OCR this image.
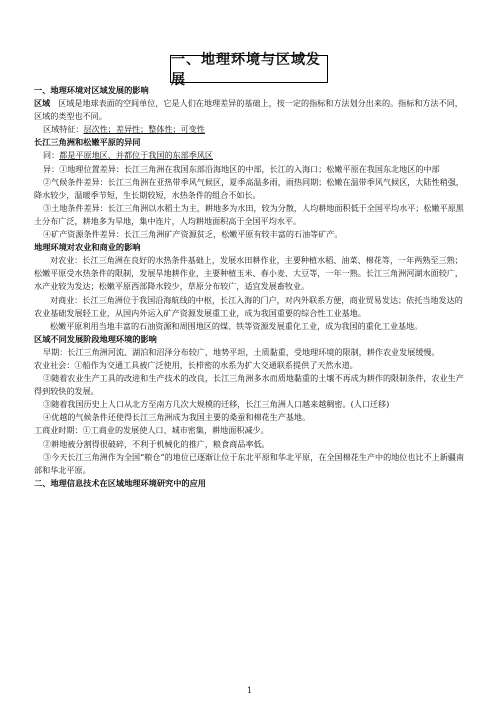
一、地理环境与区域发展

一、地理环境对区域发展的影响

区域 区域是地球表面的空间单位，它是人们在地理差异的基础上，按一定的指标和方法划分出来的。指标和方法不同，区域的类型也不同。

区域特征：层次性；差异性；整体性；可变性

长江三角洲和松嫩平原的异同

同：都是平原地区，并都位于我国的东部季风区

异：①地理位置差异：长江三角洲在我国东部沿海地区的中部，长江的入海口；松嫩平原在我国东北地区的中部

②气候条件差异：长江三角洲在亚热带季风气候区，夏季高温多雨，雨热同期；松嫩在温带季风气候区，大陆性稍强，降水较少，温暖季节短，生长期较短，水热条件的组合不如长。

③土地条件差异：长江三角洲以水稻土为主，耕地多为水田，较为分散，人均耕地面积低于全国平均水平；松嫩平原黑土分布广泛，耕地多为旱地，集中连片，人均耕地面积高于全国平均水平。

④矿产资源条件差异：长江三角洲矿产资源贫乏，松嫩平原有较丰富的石油等矿产。

地理环境对农业和商业的影响

对农业：长江三角洲在良好的水热条件基础上，发展水田耕作业，主要种植水稻、油菜、棉花等，一年两熟至三熟；松嫩平原受水热条件的限制，发展旱地耕作业，主要种植玉米、春小麦、大豆等，一年一熟。长江三角洲河湖水面较广，水产业较为发达；松嫩平原西部降水较少，草原分布较广，适宜发展畜牧业。

对商业：长江三角洲位于我国沿海航线的中枢，长江入海的门户，对内外联系方便，商业贸易发达；依托当地发达的农业基础发展轻工业，从国内外运入矿产资源发展重工业，成为我国重要的综合性工业基地。

松嫩平原利用当地丰富的石油资源和周围地区的煤、铁等资源发展重化工业，成为我国的重化工业基地。

区域不同发展阶段地理环境的影响

早期：长江三角洲河流、湖泊和沼泽分布较广，地势平坦，土质黏重，受地理环境的限制，耕作农业发展缓慢。

农业社会：①船作为交通工具被广泛使用，长栉密的水系为扩大交通联系提供了天然水道。

②随着农业生产工具的改进和生产技术的改良，长江三角洲多水而质地黏重的土壤不再成为耕作的限制条件，农业生产得到较快的发展。

③随着我国历史上人口从北方至南方几次大规模的迁移，长江三角洲人口越来越稠密。(人口迁移)

④优越的气候条件还使得长江三角洲成为我国主要的桑蚕和棉花生产基地。

工商业时期：①工商业的发展使人口、城市密集，耕地面积减少。

②耕地被分割得很破碎，不利于机械化的推广，粮食商品率低。

③今天长江三角洲作为全国“粮仓”的地位已逐渐让位于东北平原和华北平原，在全国棉花生产中的地位也比不上新疆南部和华北平原。

二、地理信息技术在区域地理环境研究中的应用

1
